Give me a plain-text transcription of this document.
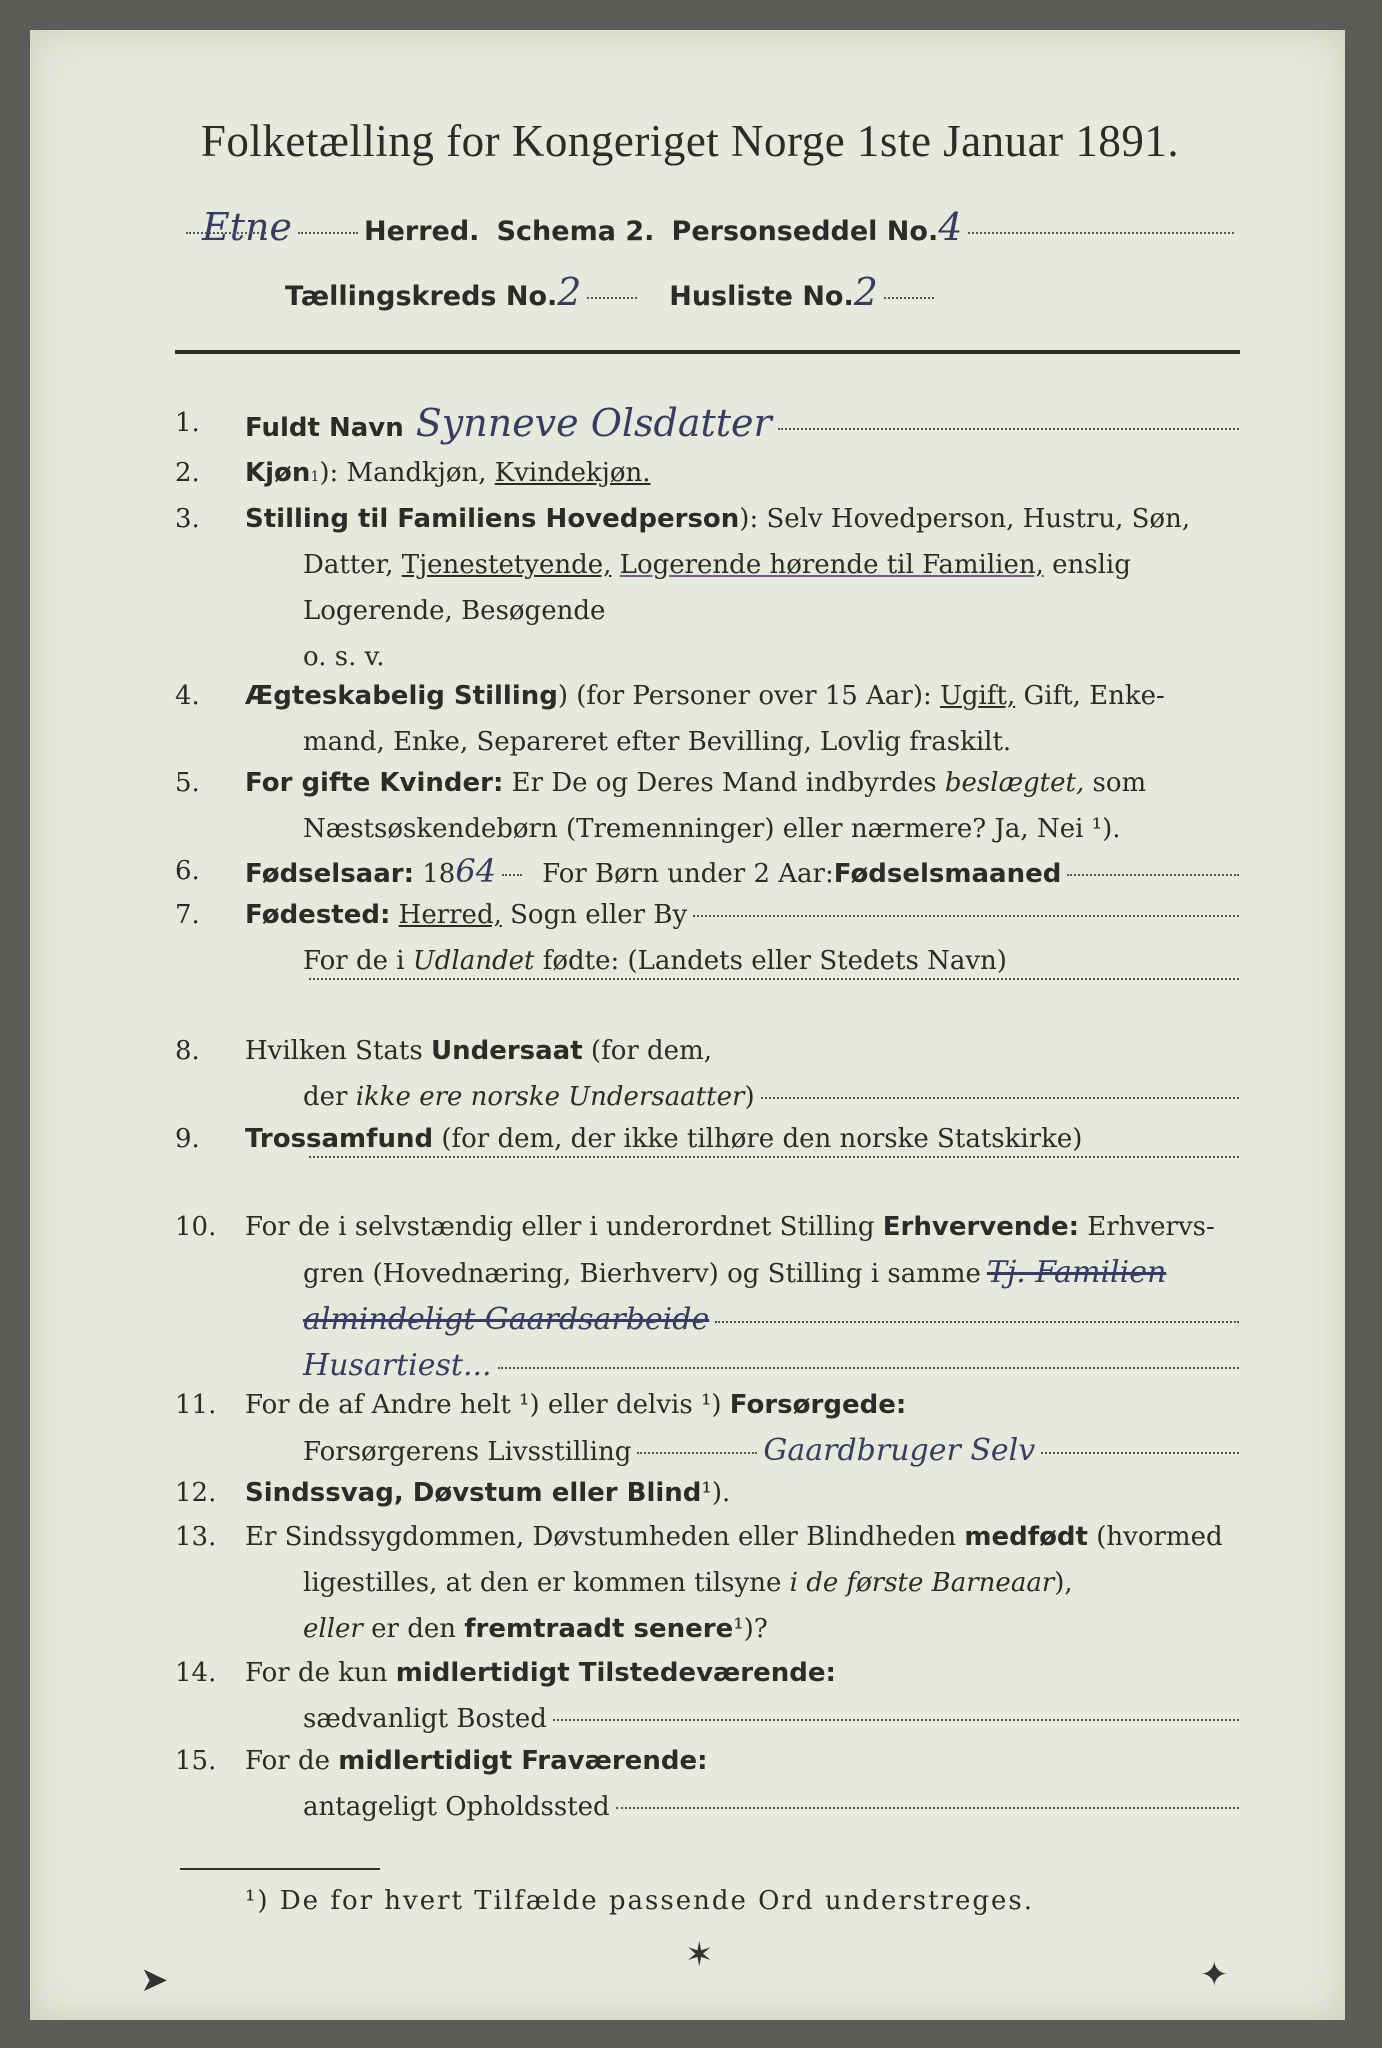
Folketælling for Kongeriget Norge 1ste Januar 1891.
Etne	Herred.
Schema 2.
Personseddel No. 4
Tællingskreds No. 2
	Husliste No. 2
1.	Fuldt Navn Synneve Olsdatter
2.	Kjøn 1 ): Mandkjøn, Kvindekjøn.
3.	Stilling til Familiens Hovedperson ): Selv Hovedperson, Hustru, Søn,
Datter, Tjenestetyende,
Logerende hørende til Familien, enslig
Logerende, Besøgende
o. s. v.
4.	Ægteskabelig Stilling ) (for Personer over 15 Aar): Ugift, Gift, Enke-
mand, Enke, Separeret efter Bevilling, Lovlig fraskilt.
5.	For gifte Kvinder: Er De og Deres Mand indbyrdes beslægtet, som
Næstsøskendebørn (Tremenninger) eller nærmere? Ja, Nei ¹).
6.	Fødselsaar: 18 64 For Børn under 2 Aar: Fødselsmaaned
7.	Fødested:
Herred, Sogn eller By
For de i Udlandet fødte: (Landets eller Stedets Navn)
8.	Hvilken Stats Undersaat (for dem,
der ikke ere norske Undersaatter )
9.	Trossamfund (for dem, der ikke tilhøre den norske Statskirke)
10.	For de i selvstændig eller i underordnet Stilling Erhvervende: Erhvervs-
gren (Hovednæring, Bierhverv) og Stilling i samme Tj. Familien
almindeligt Gaardsarbeide
Husartiest...
11.	For de af Andre helt ¹) eller delvis ¹) Forsørgede:
Forsørgerens Livsstilling	Gaardbruger Selv
12.	Sindssvag, Døvstum eller Blind ¹).
13.	Er Sindssygdommen, Døvstumheden eller Blindheden medfødt (hvormed
ligestilles, at den er kommen tilsyne i de første Barneaar ),
eller er den fremtraadt senere ¹)?
14.	For de kun midlertidigt Tilstedeværende:
sædvanligt Bosted
15.	For de midlertidigt Fraværende:
antageligt Opholdssted
¹) De for hvert Tilfælde passende Ord understreges.
➤
✶	✦
